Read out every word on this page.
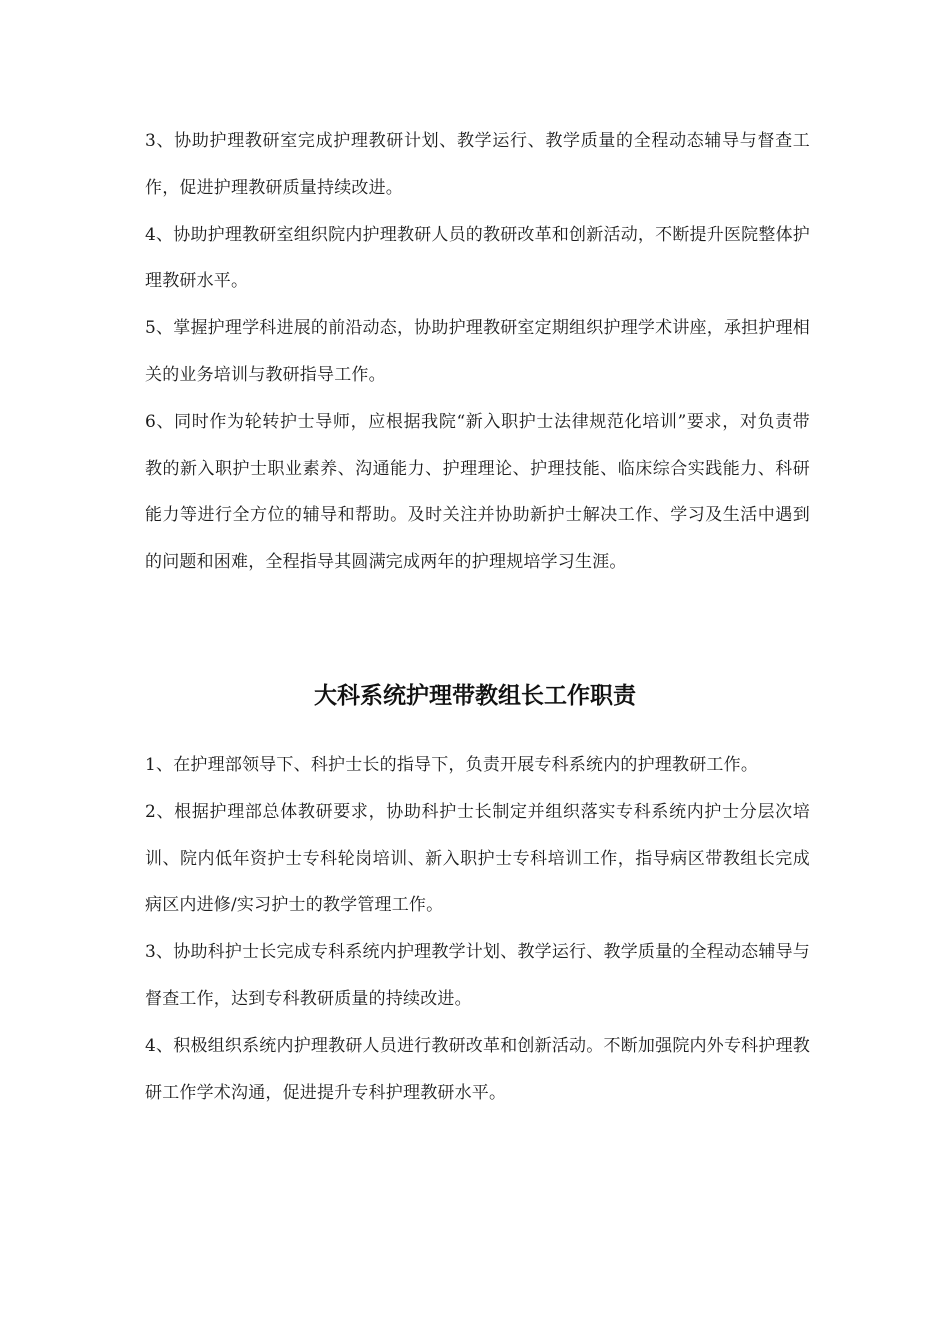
3、协助护理教研室完成护理教研计划、教学运行、教学质量的全程动态辅导与督查工作，促进护理教研质量持续改进。

4、协助护理教研室组织院内护理教研人员的教研改革和创新活动，不断提升医院整体护理教研水平。

5、掌握护理学科进展的前沿动态，协助护理教研室定期组织护理学术讲座，承担护理相关的业务培训与教研指导工作。

6、同时作为轮转护士导师，应根据我院“新入职护士法律规范化培训”要求，对负责带教的新入职护士职业素养、沟通能力、护理理论、护理技能、临床综合实践能力、科研能力等进行全方位的辅导和帮助。及时关注并协助新护士解决工作、学习及生活中遇到的问题和困难，全程指导其圆满完成两年的护理规培学习生涯。

大科系统护理带教组长工作职责

1、在护理部领导下、科护士长的指导下，负责开展专科系统内的护理教研工作。

2、根据护理部总体教研要求，协助科护士长制定并组织落实专科系统内护士分层次培训、院内低年资护士专科轮岗培训、新入职护士专科培训工作，指导病区带教组长完成病区内进修/实习护士的教学管理工作。

3、协助科护士长完成专科系统内护理教学计划、教学运行、教学质量的全程动态辅导与督查工作，达到专科教研质量的持续改进。

4、积极组织系统内护理教研人员进行教研改革和创新活动。不断加强院内外专科护理教研工作学术沟通，促进提升专科护理教研水平。
